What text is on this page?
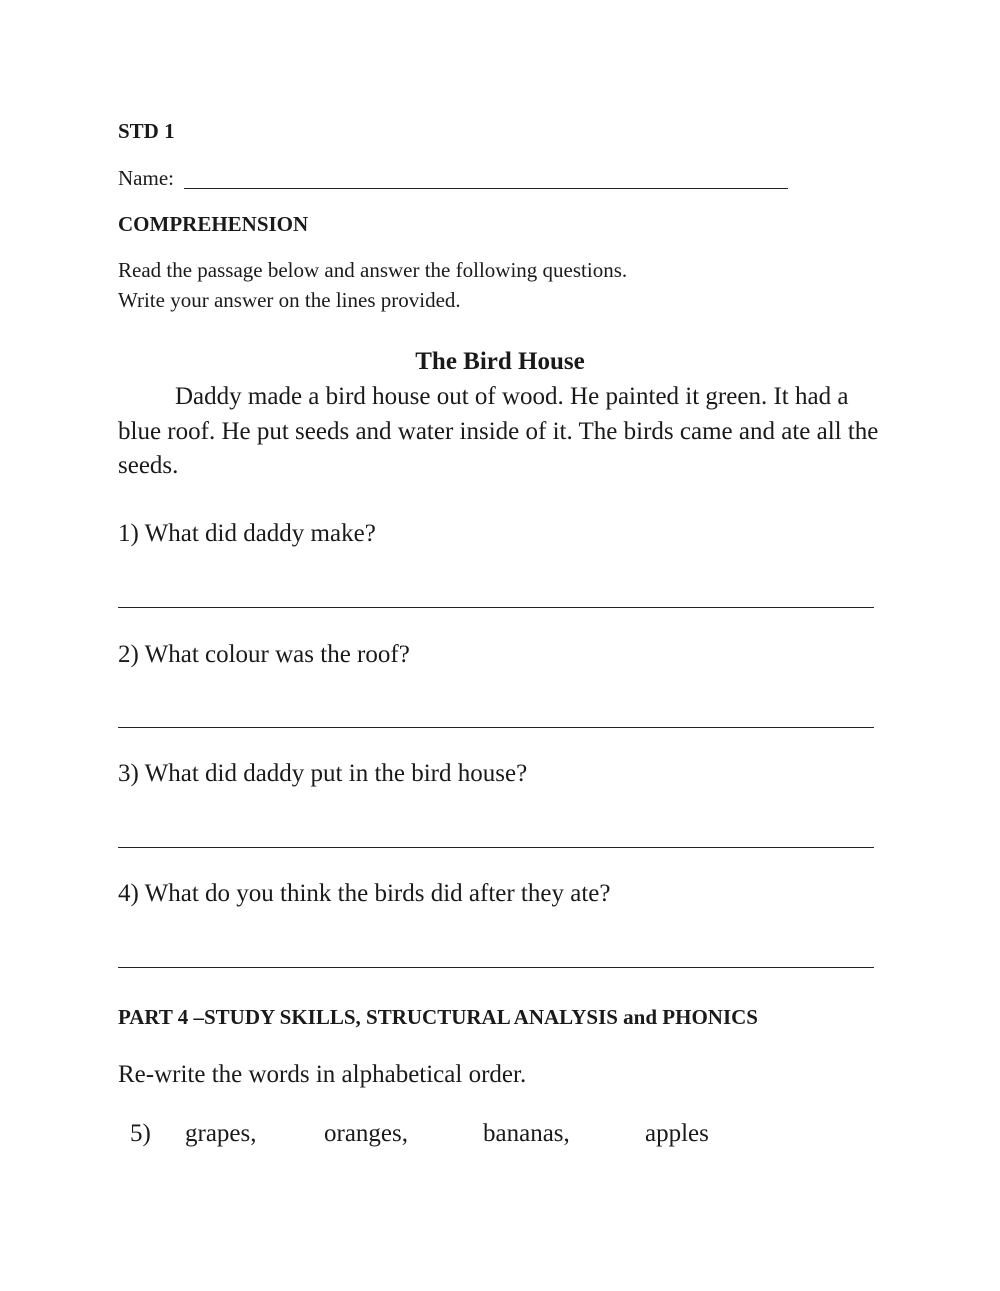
STD 1
Name:
COMPREHENSION
Read the passage below and answer the following questions.
Write your answer on the lines provided.
The Bird House

Daddy made a bird house out of wood. He painted it green. It had a blue roof. He put seeds and water inside of it. The birds came and ate all the seeds.

1) What did daddy make?
2) What colour was the roof?
3) What did daddy put in the bird house?
4) What do you think the birds did after they ate?
PART 4 –STUDY SKILLS, STRUCTURAL ANALYSIS and PHONICS
Re-write the words in alphabetical order.
5) grapes,	oranges,	bananas,	apples
